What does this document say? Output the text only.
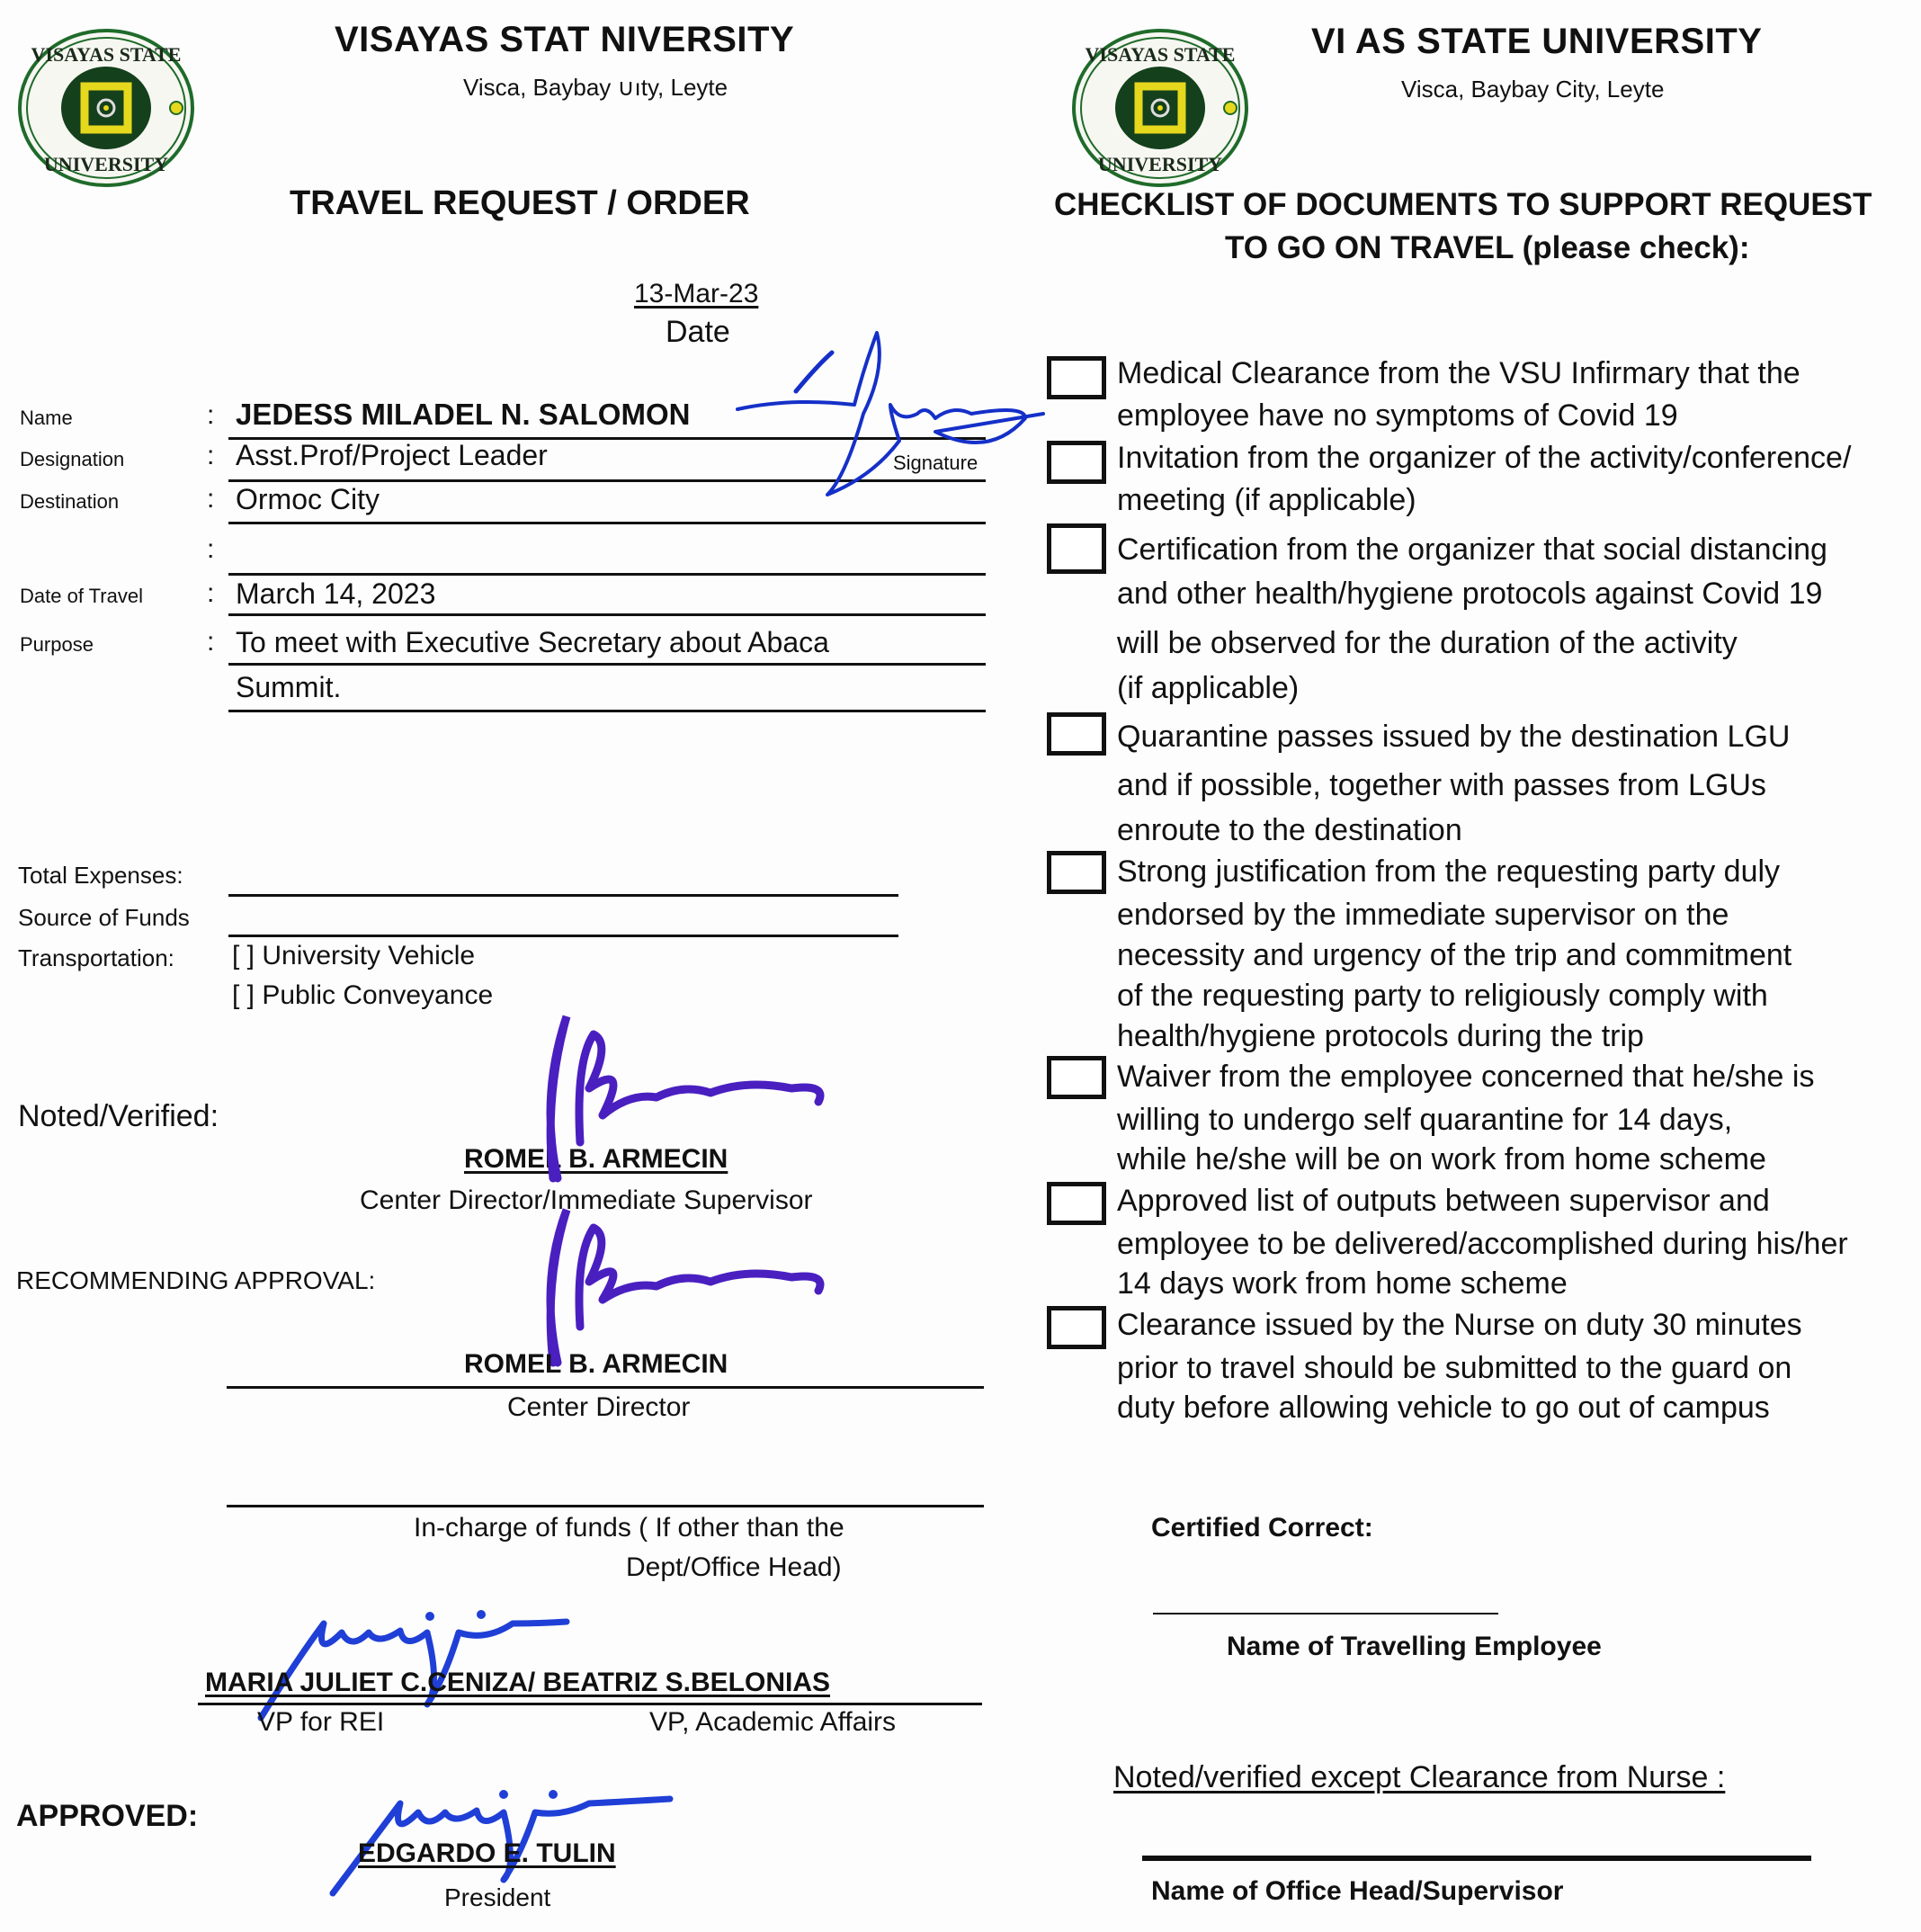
VISAYAS STATE
UNIVERSITY
VISAYAS STAT NIVERSITY
Visca, Baybay ∪ıty, Leyte
TRAVEL REQUEST / ORDER
13-Mar-23
Date
Name	: JEDESS MILADEL N. SALOMON
Designation	: Asst.Prof/Project Leader	Signature
Destination	: Ormoc City
:
Date of Travel : March 14, 2023
Purpose	: To meet with Executive Secretary about Abaca
Summit.
Total Expenses:
Source of Funds
Transportation: [ ] University Vehicle
[ ] Public Conveyance
Noted/Verified:
ROMEL B. ARMECIN
Center Director/Immediate Supervisor
RECOMMENDING APPROVAL:
ROMEL B. ARMECIN
Center Director
In-charge of funds ( If other than the
Dept/Office Head)
MARIA JULIET C.CENIZA/ BEATRIZ S.BELONIAS
VP for REI	VP, Academic Affairs
APPROVED:
EDGARDO E. TULIN
President
VISAYAS STATE
UNIVERSITY
VI AS STATE UNIVERSITY
Visca, Baybay City, Leyte
CHECKLIST OF DOCUMENTS TO SUPPORT REQUEST
TO GO ON TRAVEL (please check):
Medical Clearance from the VSU Infirmary that the
employee have no symptoms of Covid 19
Invitation from the organizer of the activity/conference/
meeting (if applicable)
Certification from the organizer that social distancing
and other health/hygiene protocols against Covid 19
will be observed for the duration of the activity
(if applicable)
Quarantine passes issued by the destination LGU
and if possible, together with passes from LGUs
enroute to the destination
Strong justification from the requesting party duly
endorsed by the immediate supervisor on the
necessity and urgency of the trip and commitment
of the requesting party to religiously comply with
health/hygiene protocols during the trip
Waiver from the employee concerned that he/she is
willing to undergo self quarantine for 14 days,
while he/she will be on work from home scheme
Approved list of outputs between supervisor and
employee to be delivered/accomplished during his/her
14 days work from home scheme
Clearance issued by the Nurse on duty 30 minutes
prior to travel should be submitted to the guard on
duty before allowing vehicle to go out of campus
Certified Correct:
Name of Travelling Employee
Noted/verified except Clearance from Nurse :
Name of Office Head/Supervisor
